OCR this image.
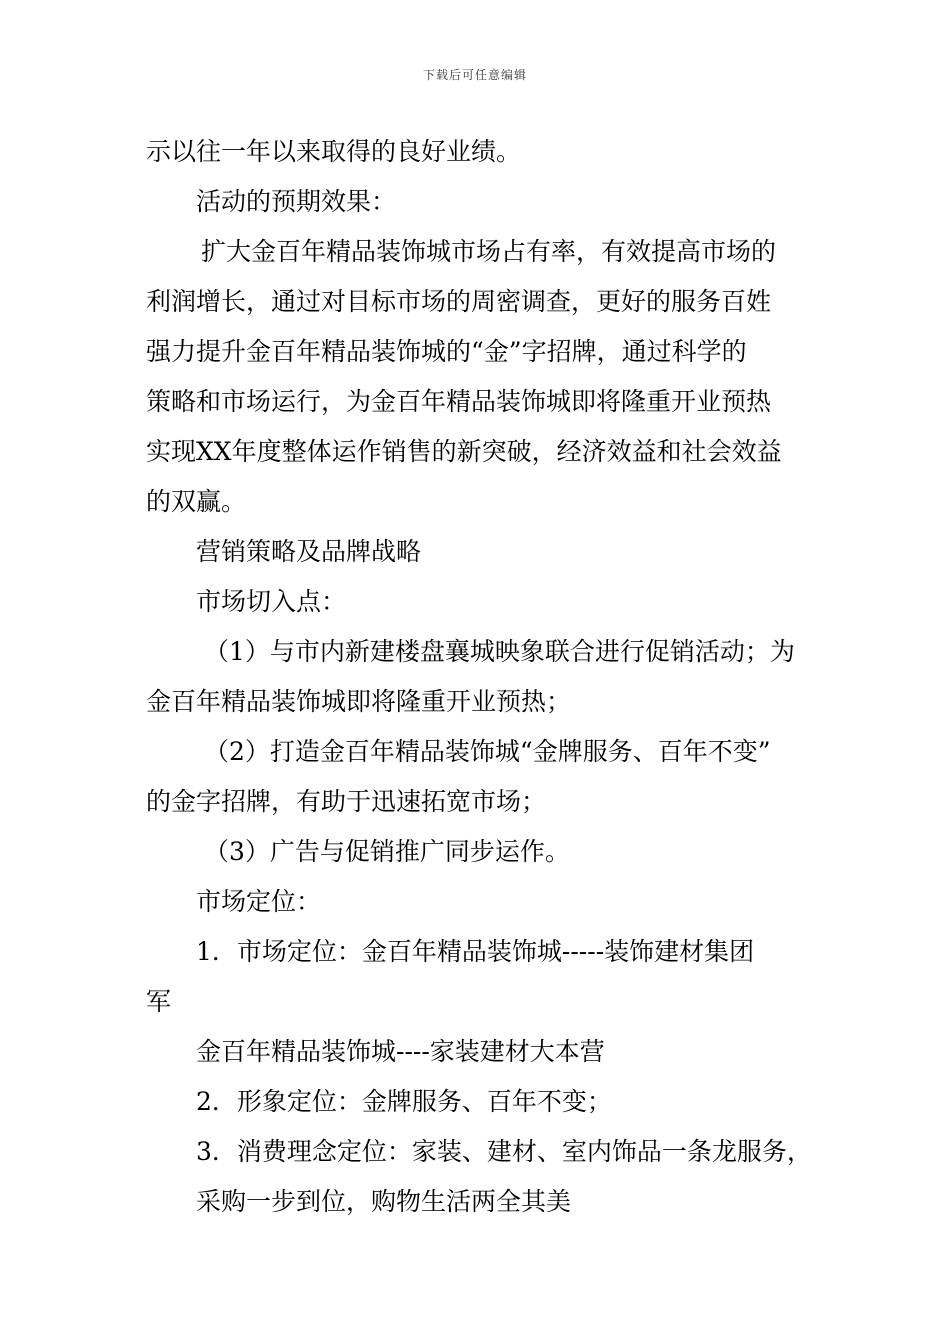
下载后可任意编辑
示以往一年以来取得的良好业绩。
活动的预期效果：
扩大金百年精品装饰城市场占有率，有效提高市场的
利润增长，通过对目标市场的周密调查，更好的服务百姓
强力提升金百年精品装饰城的“金”字招牌，通过科学的
策略和市场运行，为金百年精品装饰城即将隆重开业预热
实现XX年度整体运作销售的新突破，经济效益和社会效益
的双赢。
营销策略及品牌战略
市场切入点：
（1）与市内新建楼盘襄城映象联合进行促销活动；为
金百年精品装饰城即将隆重开业预热；
（2）打造金百年精品装饰城“金牌服务、百年不变”
的金字招牌，有助于迅速拓宽市场；
（3）广告与促销推广同步运作。
市场定位：
1．市场定位：金百年精品装饰城-----装饰建材集团
军
金百年精品装饰城----家装建材大本营
2．形象定位：金牌服务、百年不变；
3．消费理念定位：家装、建材、室内饰品一条龙服务，
采购一步到位，购物生活两全其美
